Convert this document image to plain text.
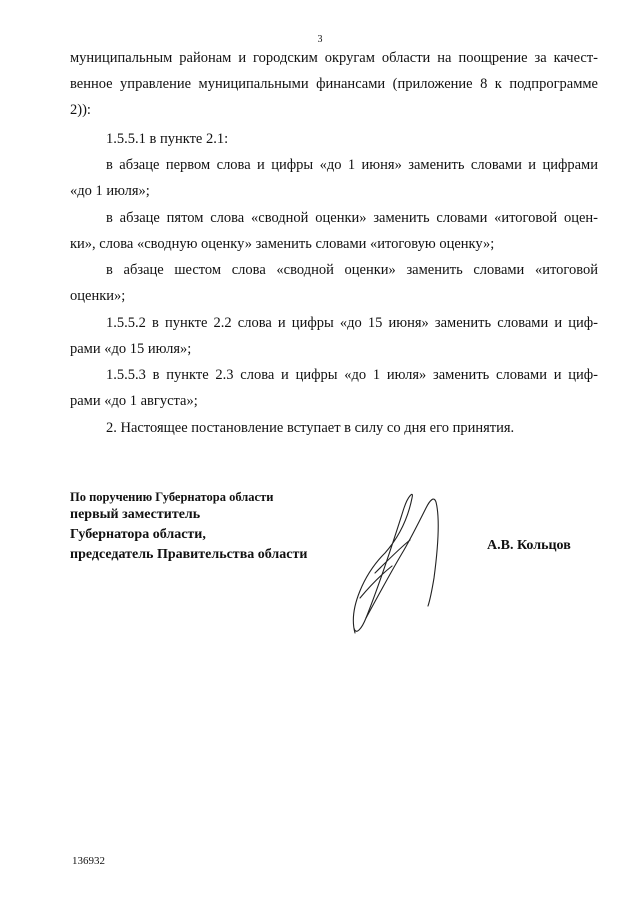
3
муниципальным районам и городским округам области на поощрение за качест-
венное управление муниципальными финансами (приложение 8 к подпрограмме
2)):
1.5.5.1 в пункте 2.1:
в абзаце первом слова и цифры «до 1 июня» заменить словами и цифрами
«до 1 июля»;
в абзаце пятом слова «сводной оценки» заменить словами «итоговой оцен-
ки», слова «сводную оценку» заменить словами «итоговую оценку»;
в абзаце шестом слова «сводной оценки» заменить словами «итоговой
оценки»;
1.5.5.2 в пункте 2.2 слова и цифры «до 15 июня» заменить словами и циф-
рами «до 15 июля»;
1.5.5.3 в пункте 2.3 слова и цифры «до 1 июля» заменить словами и циф-
рами «до 1 августа»;
2. Настоящее постановление вступает в силу со дня его принятия.
По поручению Губернатора области
первый заместитель
Губернатора области,
председатель Правительства области
А.В. Кольцов
136932
